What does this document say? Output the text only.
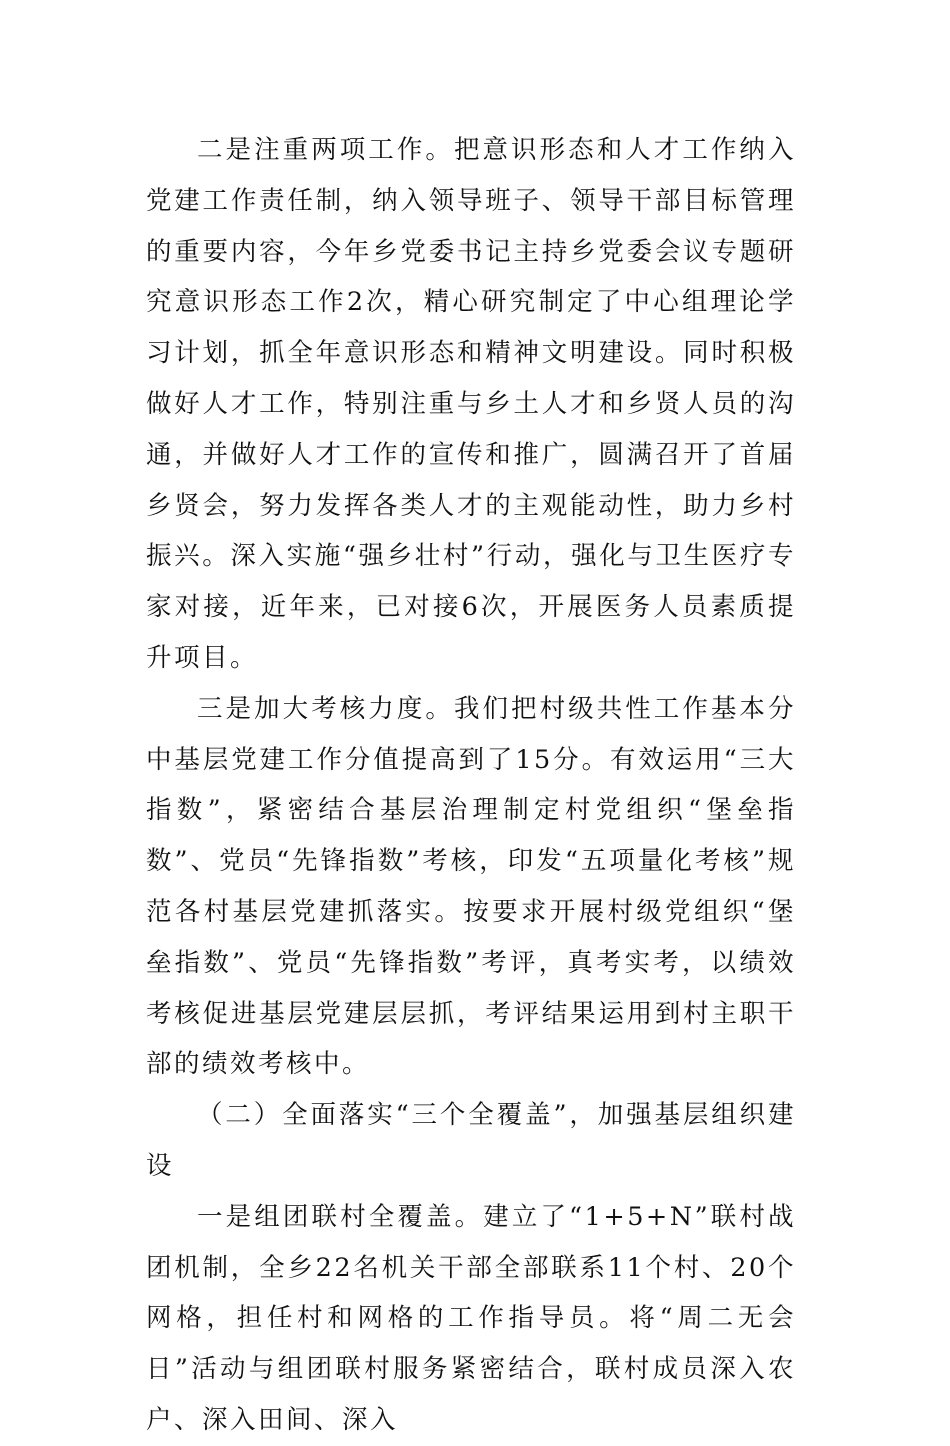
二是注重两项工作。把意识形态和人才工作纳入党建工作责任制，纳入领导班子、领导干部目标管理的重要内容，今年乡党委书记主持乡党委会议专题研究意识形态工作2次，精心研究制定了中心组理论学习计划，抓全年意识形态和精神文明建设。同时积极做好人才工作，特别注重与乡土人才和乡贤人员的沟通，并做好人才工作的宣传和推广，圆满召开了首届乡贤会，努力发挥各类人才的主观能动性，助力乡村振兴。深入实施“强乡壮村”行动，强化与卫生医疗专家对接，近年来，已对接6次，开展医务人员素质提升项目。

三是加大考核力度。我们把村级共性工作基本分中基层党建工作分值提高到了15分。有效运用“三大指数”，紧密结合基层治理制定村党组织“堡垒指数”、党员“先锋指数”考核，印发“五项量化考核”规范各村基层党建抓落实。按要求开展村级党组织“堡垒指数”、党员“先锋指数”考评，真考实考，以绩效考核促进基层党建层层抓，考评结果运用到村主职干部的绩效考核中。

（二）全面落实“三个全覆盖”，加强基层组织建设

一是组团联村全覆盖。建立了“1+5+N”联村战团机制，全乡22名机关干部全部联系11个村、20个网格，担任村和网格的工作指导员。将“周二无会日”活动与组团联村服务紧密结合，联村成员深入农户、深入田间、深入
